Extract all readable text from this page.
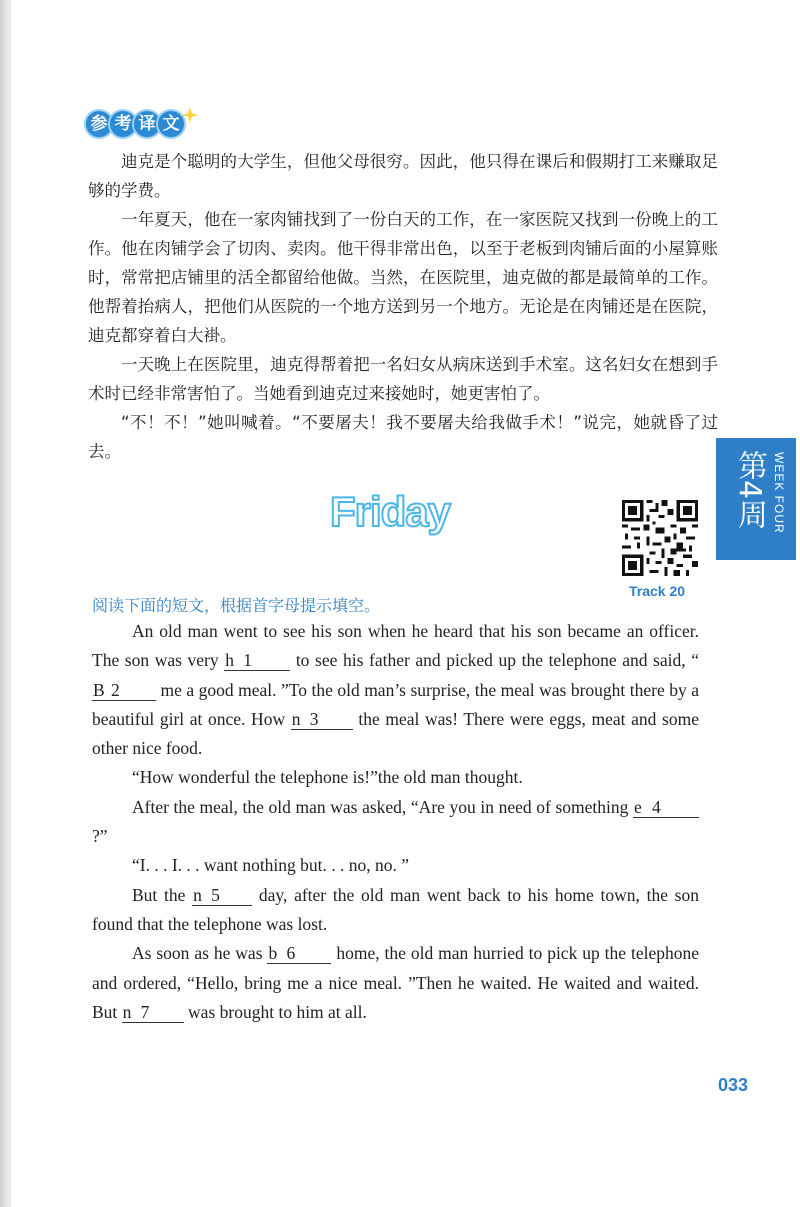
参 考 译 文

迪克是个聪明的大学生，但他父母很穷。因此，他只得在课后和假期打工来赚取足够的学费。

一年夏天，他在一家肉铺找到了一份白天的工作，在一家医院又找到一份晚上的工作。他在肉铺学会了切肉、卖肉。他干得非常出色，以至于老板到肉铺后面的小屋算账时，常常把店铺里的活全都留给他做。当然，在医院里，迪克做的都是最简单的工作。他帮着抬病人，把他们从医院的一个地方送到另一个地方。无论是在肉铺还是在医院，迪克都穿着白大褂。

一天晚上在医院里，迪克得帮着把一名妇女从病床送到手术室。这名妇女在想到手术时已经非常害怕了。当她看到迪克过来接她时，她更害怕了。

“不！不！”她叫喊着。“不要屠夫！我不要屠夫给我做手术！”说完，她就昏了过去。	第4周 WEEK FOUR
Friday
Track 20
阅读下面的短文，根据首字母提示填空。

An old man went to see his son when he heard that his son became an officer. The son was very h 1 to see his father and picked up the telephone and said, “B 2 me a good meal. ”To the old man’s surprise, the meal was brought there by a beautiful girl at once. How n 3 the meal was! There were eggs, meat and some other nice food.

“How wonderful the telephone is!”the old man thought.

After the meal, the old man was asked, “Are you in need of something e 4?”

“I. . . I. . . want nothing but. . . no, no. ”

But the n 5 day, after the old man went back to his home town, the son found that the telephone was lost.

As soon as he was b 6 home, the old man hurried to pick up the telephone and ordered, “Hello, bring me a nice meal. ”Then he waited. He waited and waited. But n 7 was brought to him at all.

033
